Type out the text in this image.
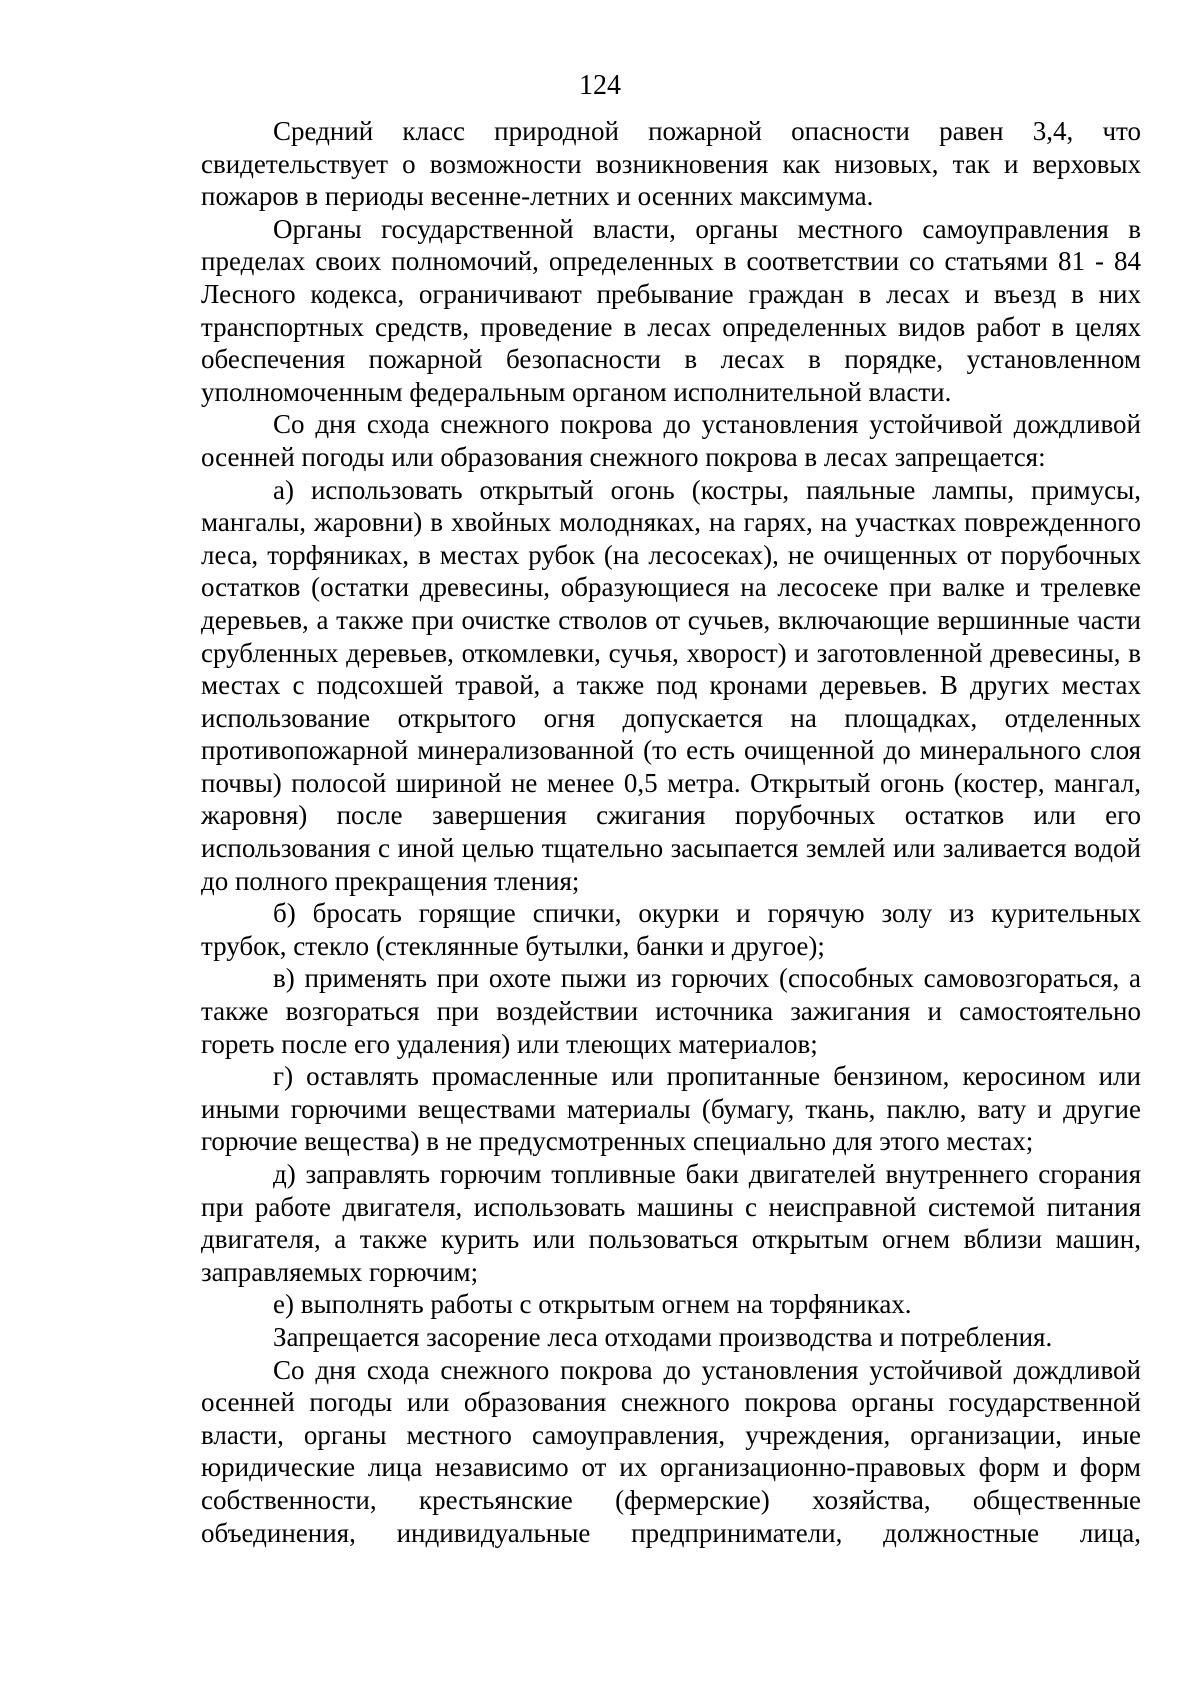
124

Средний класс природной пожарной опасности равен 3,4, что свидетельствует о возможности возникновения как низовых, так и верховых пожаров в периоды весенне-летних и осенних максимума.

Органы государственной власти, органы местного самоуправления в пределах своих полномочий, определенных в соответствии со статьями 81 - 84 Лесного кодекса, ограничивают пребывание граждан в лесах и въезд в них транспортных средств, проведение в лесах определенных видов работ в целях обеспечения пожарной безопасности в лесах в порядке, установленном уполномоченным федеральным органом исполнительной власти.

Со дня схода снежного покрова до установления устойчивой дождливой осенней погоды или образования снежного покрова в лесах запрещается:

а) использовать открытый огонь (костры, паяльные лампы, примусы, мангалы, жаровни) в хвойных молодняках, на гарях, на участках поврежденного леса, торфяниках, в местах рубок (на лесосеках), не очищенных от порубочных остатков (остатки древесины, образующиеся на лесосеке при валке и трелевке деревьев, а также при очистке стволов от сучьев, включающие вершинные части срубленных деревьев, откомлевки, сучья, хворост) и заготовленной древесины, в местах с подсохшей травой, а также под кронами деревьев. В других местах использование открытого огня допускается на площадках, отделенных противопожарной минерализованной (то есть очищенной до минерального слоя почвы) полосой шириной не менее 0,5 метра. Открытый огонь (костер, мангал, жаровня) после завершения сжигания порубочных остатков или его использования с иной целью тщательно засыпается землей или заливается водой до полного прекращения тления;

б) бросать горящие спички, окурки и горячую золу из курительных трубок, стекло (стеклянные бутылки, банки и другое);

в) применять при охоте пыжи из горючих (способных самовозгораться, а также возгораться при воздействии источника зажигания и самостоятельно гореть после его удаления) или тлеющих материалов;

г) оставлять промасленные или пропитанные бензином, керосином или иными горючими веществами материалы (бумагу, ткань, паклю, вату и другие горючие вещества) в не предусмотренных специально для этого местах;

д) заправлять горючим топливные баки двигателей внутреннего сгорания при работе двигателя, использовать машины с неисправной системой питания двигателя, а также курить или пользоваться открытым огнем вблизи машин, заправляемых горючим;

е) выполнять работы с открытым огнем на торфяниках.

Запрещается засорение леса отходами производства и потребления.

Со дня схода снежного покрова до установления устойчивой дождливой осенней погоды или образования снежного покрова органы государственной власти, органы местного самоуправления, учреждения, организации, иные юридические лица независимо от их организационно-правовых форм и форм собственности, крестьянские (фермерские) хозяйства, общественные объединения, индивидуальные предприниматели, должностные лица,
